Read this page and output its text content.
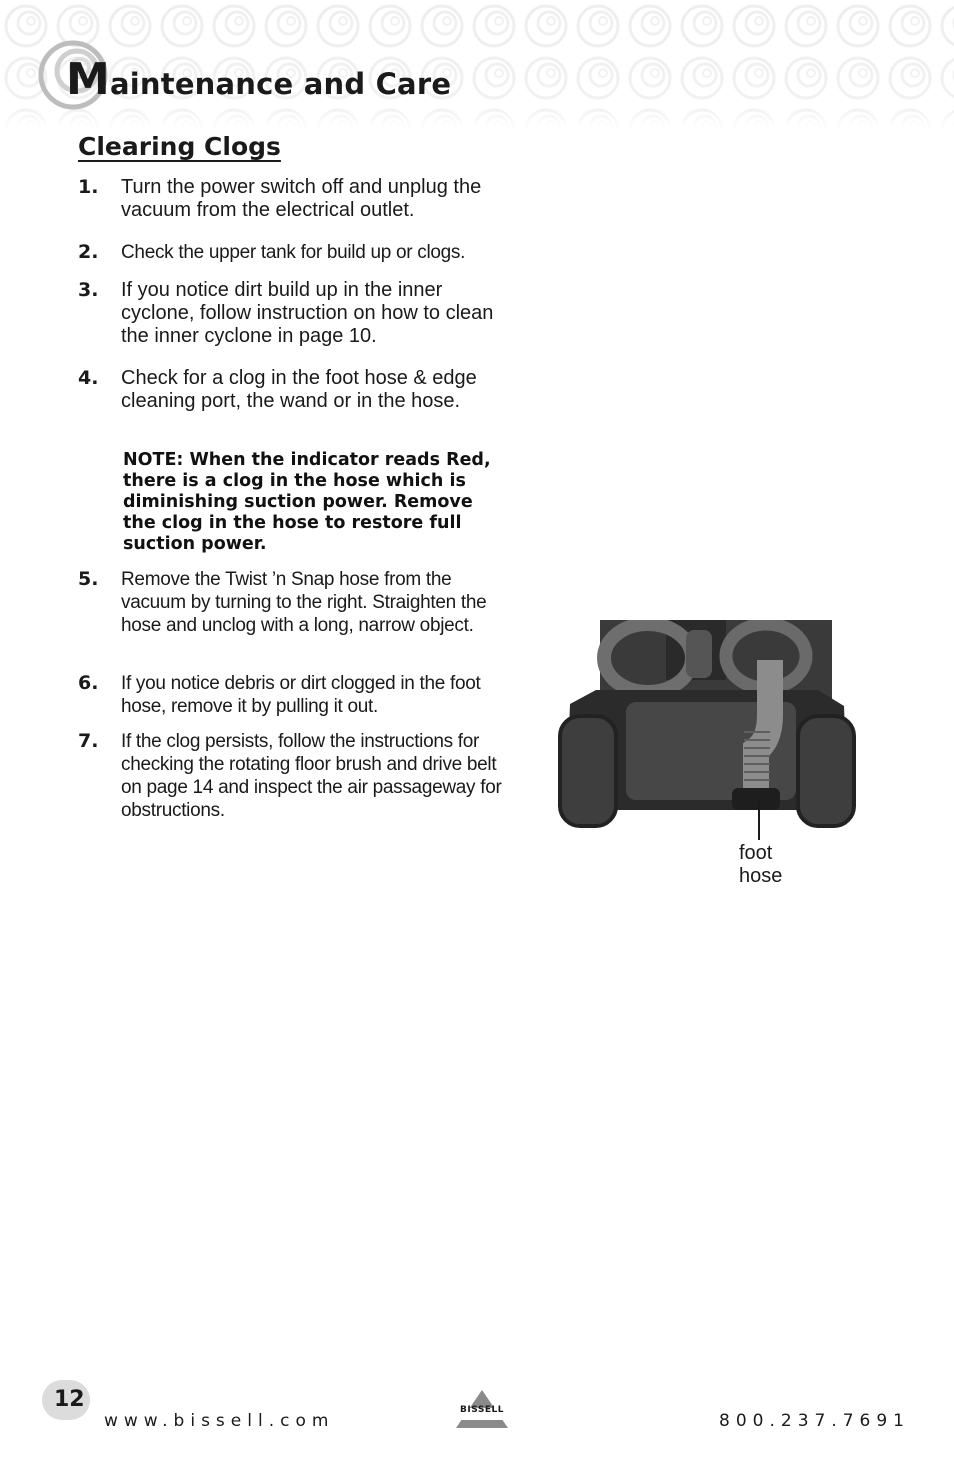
Maintenance and Care
Clearing Clogs
1. Turn the power switch off and unplug the vacuum from the electrical outlet.
2. Check the upper tank for build up or clogs.
3. If you notice dirt build up in the inner cyclone, follow instruction on how to clean the inner cyclone in page 10.
4. Check for a clog in the foot hose & edge cleaning port, the wand or in the hose.
5. Remove the Twist ’n Snap hose from the vacuum by turning to the right. Straighten the hose and unclog with a long, narrow object.
6. If you notice debris or dirt clogged in the foot hose, remove it by pulling it out.
7. If the clog persists, follow the instructions for checking the rotating floor brush and drive belt on page 14 and inspect the air passageway for obstructions.
NOTE: When the indicator reads Red, there is a clog in the hose which is diminishing suction power. Remove the clog in the hose to restore full suction power.
foot hose
12
www.bissell.com
BISSELL
800.237.7691
